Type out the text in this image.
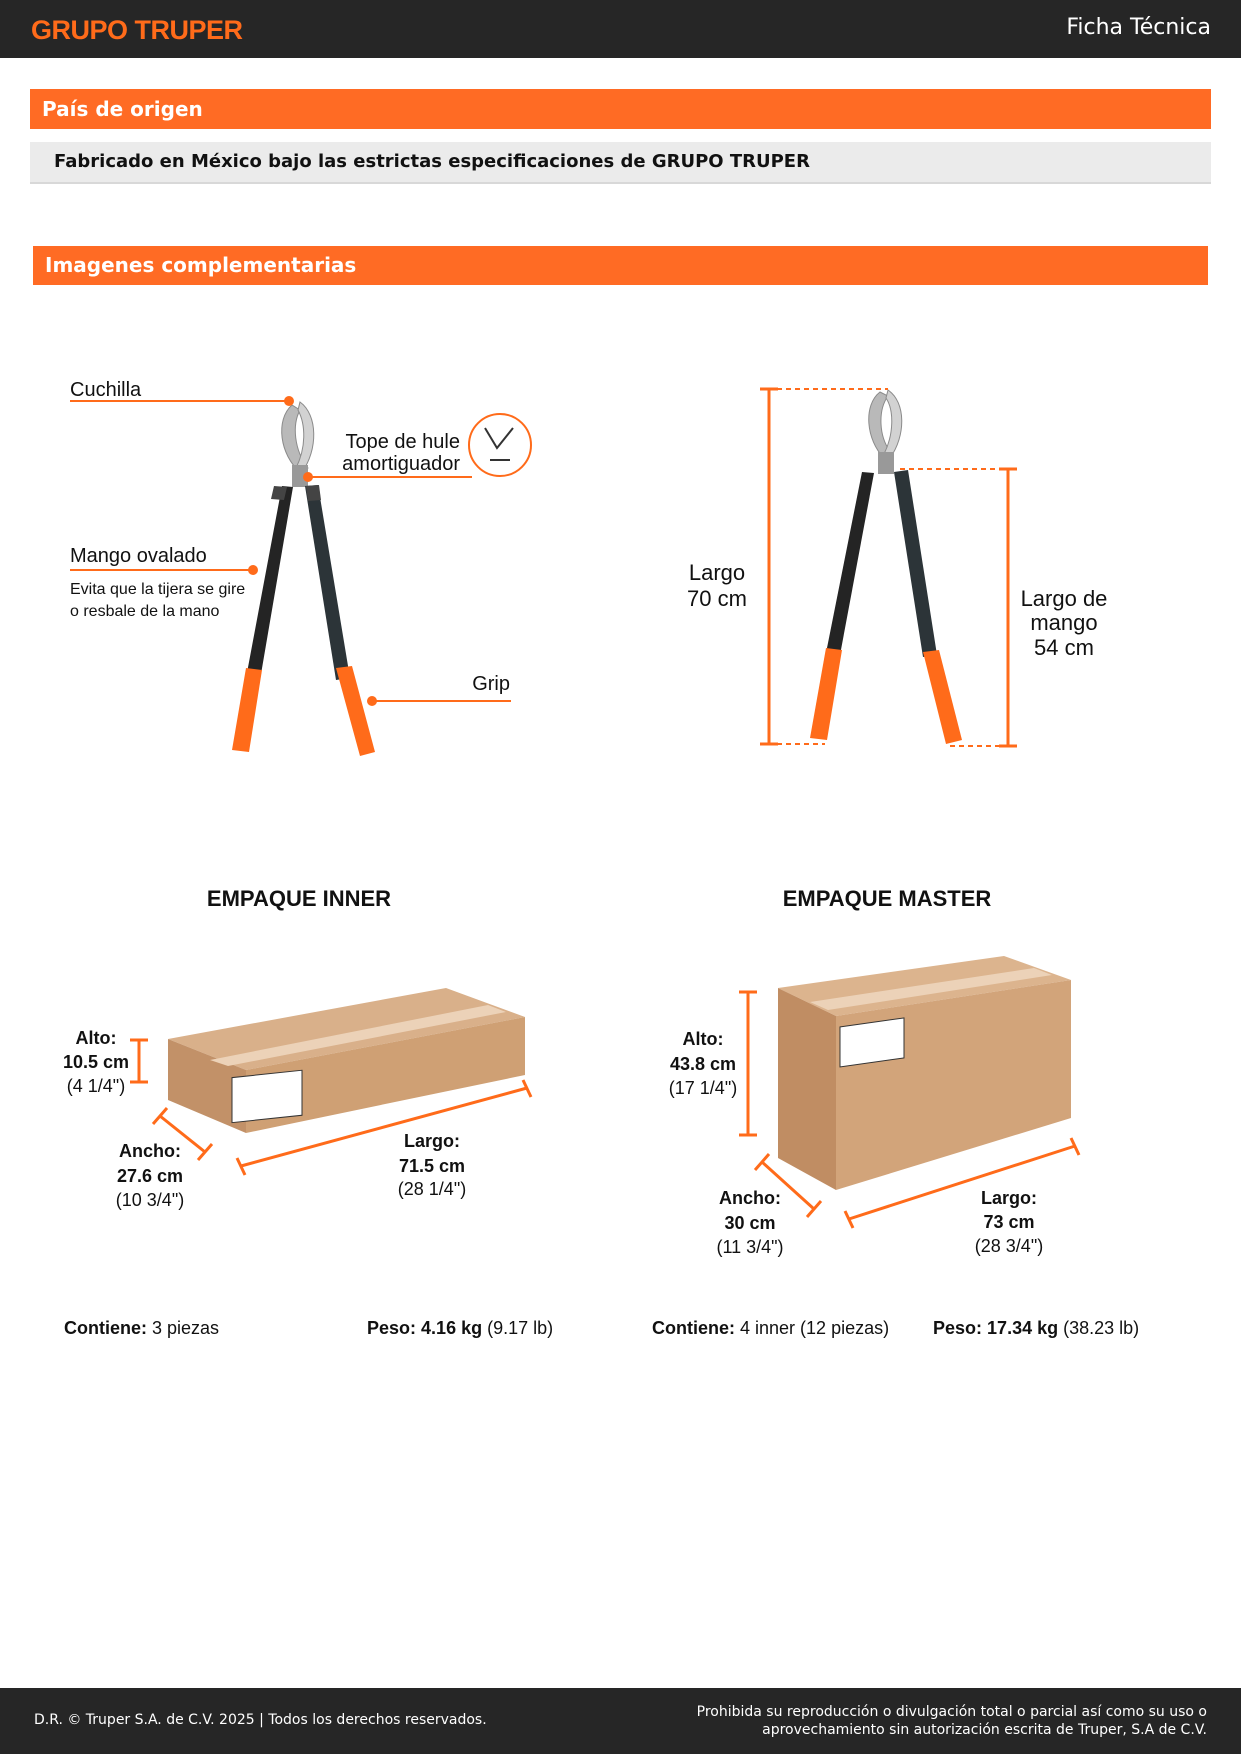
GRUPO TRUPER	Ficha Técnica
País de origen
Fabricado en México bajo las estrictas especificaciones de GRUPO TRUPER
Imagenes complementarias
Cuchilla
Tope de hule
amortiguador
Mango ovalado
Evita que la tijera se gire
o resbale de la mano
Grip
Largo
70 cm	Largo de
mango
54 cm
Alto:
10.5 cm
(4 1/4")
Ancho:
27.6 cm
(10 3/4")
Largo:
71.5 cm
(28 1/4")
Alto:
43.8 cm
(17 1/4")
Ancho:
30 cm
(11 3/4")
Largo:
73 cm
(28 3/4")
EMPAQUE INNER	EMPAQUE MASTER
Contiene: 3 piezas	Peso: 4.16 kg (9.17 lb)	Contiene: 4 inner (12 piezas) Peso: 17.34 kg (38.23 lb)
D.R. © Truper S.A. de C.V. 2025 | Todos los derechos reservados.	Prohibida su reproducción o divulgación total o parcial así como su uso o
aprovechamiento sin autorización escrita de Truper, S.A de C.V.
